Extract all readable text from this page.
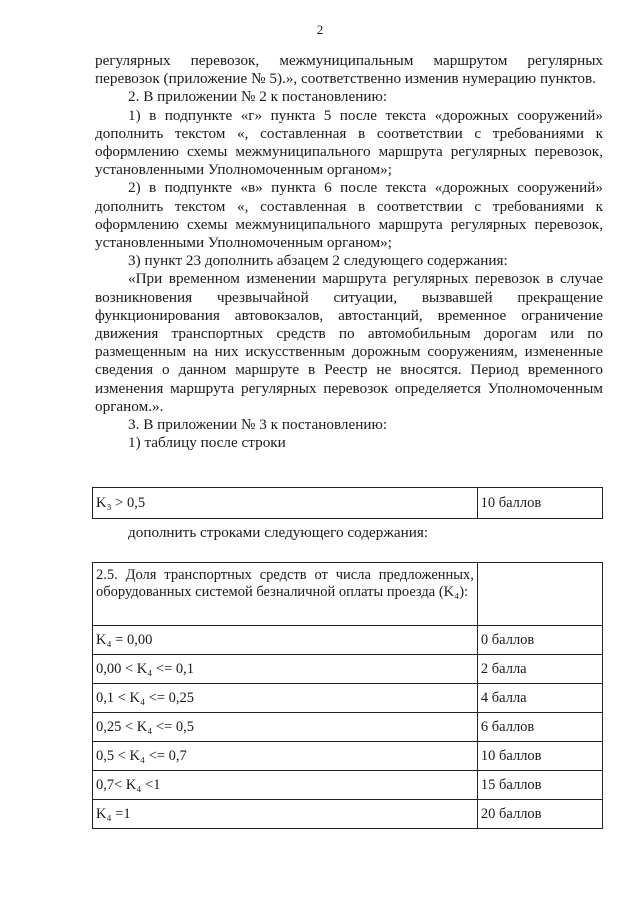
2

регулярных перевозок, межмуниципальным маршрутом регулярных перевозок (приложение № 5).», соответственно изменив нумерацию пунктов.

2. В приложении № 2 к постановлению:

1) в подпункте «г» пункта 5 после текста «дорожных сооружений» дополнить текстом «, составленная в соответствии с требованиями к оформлению схемы межмуниципального маршрута регулярных перевозок, установленными Уполномоченным органом»;

2) в подпункте «в» пункта 6 после текста «дорожных сооружений» дополнить текстом «, составленная в соответствии с требованиями к оформлению схемы межмуниципального маршрута регулярных перевозок, установленными Уполномоченным органом»;

3) пункт 23 дополнить абзацем 2 следующего содержания:

«При временном изменении маршрута регулярных перевозок в случае возникновения чрезвычайной ситуации, вызвавшей прекращение функционирования автовокзалов, автостанций, временное ограничение движения транспортных средств по автомобильным дорогам или по размещенным на них искусственным дорожным сооружениям, измененные сведения о данном маршруте в Реестр не вносятся. Период временного изменения маршрута регулярных перевозок определяется Уполномоченным органом.».

3. В приложении № 3 к постановлению:

1) таблицу после строки

K₃ > 0,5	10 баллов
дополнить строками следующего содержания:
2.5. Доля транспортных средств от числа предложенных, оборудованных системой безналичной оплаты проезда (K₄):	
K₄ = 0,00	0 баллов
0,00 < K₄ <= 0,1	2 балла
0,1 < K₄ <= 0,25	4 балла
0,25 < K₄ <= 0,5	6 баллов
0,5 < K₄ <= 0,7	10 баллов
0,7< K₄ <1	15 баллов
K₄ =1	20 баллов
